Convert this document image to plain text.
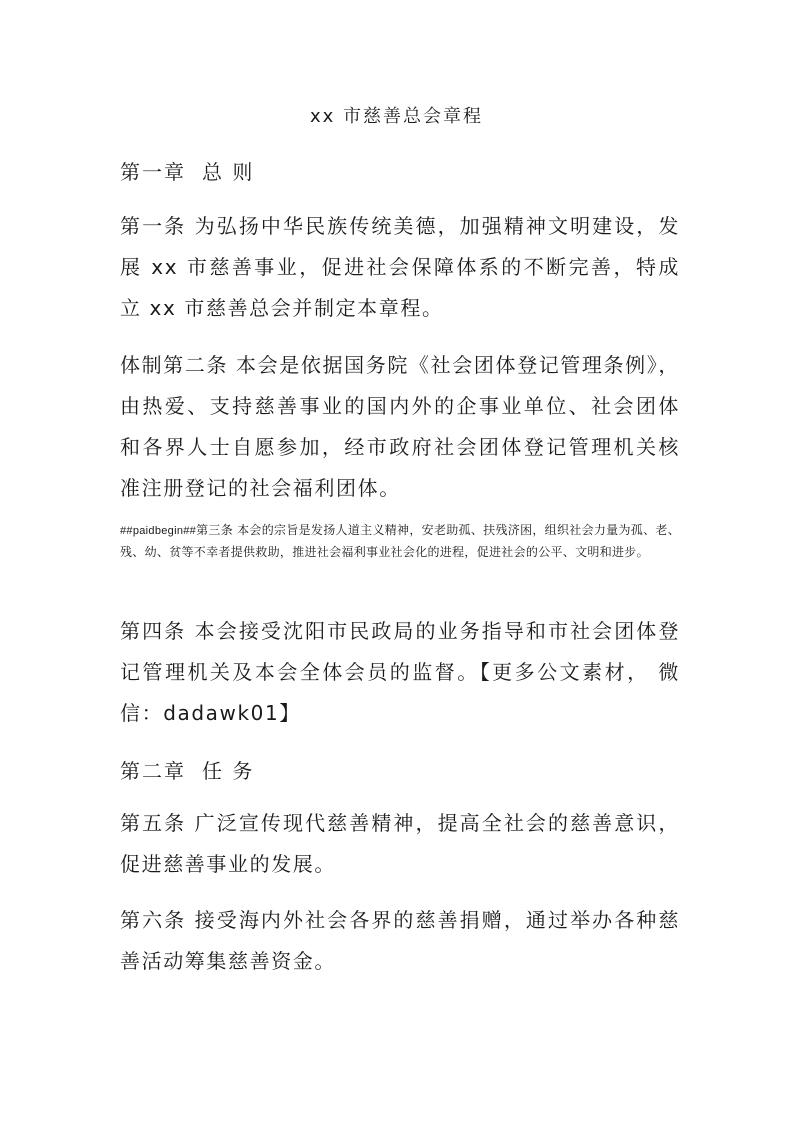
xx 市慈善总会章程
第一章 总 则
第一条 为弘扬中华民族传统美德，加强精神文明建设，发展 xx 市慈善事业，促进社会保障体系的不断完善，特成立 xx 市慈善总会并制定本章程。
体制第二条 本会是依据国务院《社会团体登记管理条例》，由热爱、支持慈善事业的国内外的企事业单位、社会团体和各界人士自愿参加，经市政府社会团体登记管理机关核准注册登记的社会福利团体。
##paidbegin##第三条 本会的宗旨是发扬人道主义精神，安老助孤、扶残济困，组织社会力量为孤、老、残、幼、贫等不幸者提供救助，推进社会福利事业社会化的进程，促进社会的公平、文明和进步。
第四条 本会接受沈阳市民政局的业务指导和市社会团体登记管理机关及本会全体会员的监督。【更多公文素材， 微信：dadawk01】
第二章 任 务
第五条 广泛宣传现代慈善精神，提高全社会的慈善意识，促进慈善事业的发展。
第六条 接受海内外社会各界的慈善捐赠，通过举办各种慈善活动筹集慈善资金。
